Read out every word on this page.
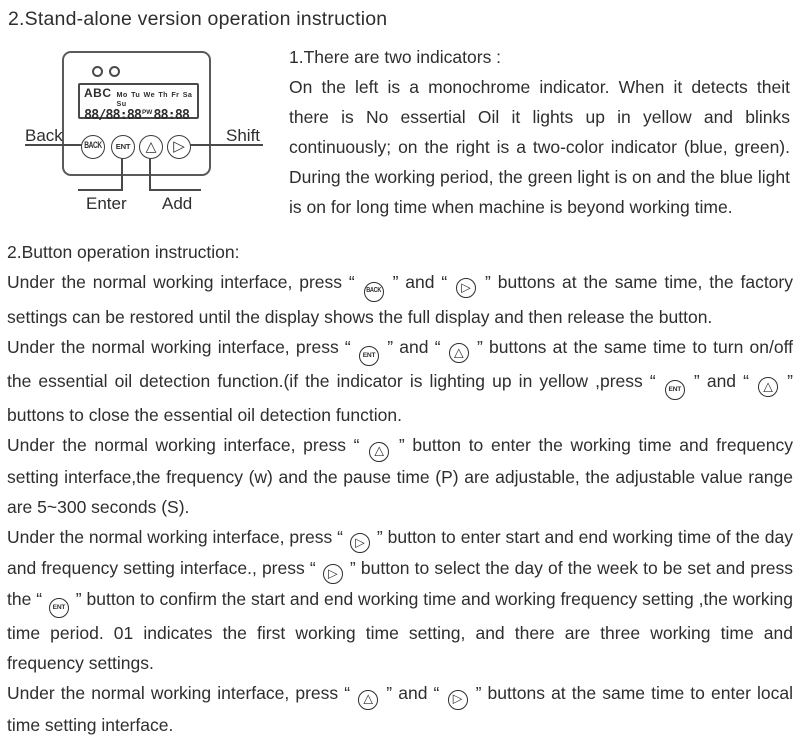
2.Stand-alone version operation instruction
ABC Mo Tu We Th Fr Sa Su
88/88:88 PW
→ 88:88
BACK ENT △ ▷
Back	Shift
Enter Add
1.There are two indicators :
On the left is a monochrome indicator. When it detects theit there is No essertial Oil it lights up in yellow and blinks continuously; on the right is a two-color indicator (blue, green). During the working period, the green light is on and the blue light is on for long time when machine is beyond working time.
2.Button operation instruction:

Under the normal working interface, press “ BACK ” and “ ▷ ” buttons at the same time, the factory settings can be restored until the display shows the full display and then release the button.

Under the normal working interface, press “ ENT ” and “ △ ” buttons at the same time to turn on/off the essential oil detection function.(if the indicator is lighting up in yellow ,press “ ENT ” and “ △ ” buttons to close the essential oil detection function.

Under the normal working interface, press “ △ ” button to enter the working time and frequency setting interface,the frequency (w) and the pause time (P) are adjustable, the adjustable value range are 5~300 seconds (S).

Under the normal working interface, press “ ▷ ” button to enter start and end working time of the day and frequency setting interface., press “ ▷ ” button to select the day of the week to be set and press the “ ENT ” button to confirm the start and end working time and working frequency setting ,the working time period. 01 indicates the first working time setting, and there are three working time and frequency settings.

Under the normal working interface, press “ △ ” and “ ▷ ” buttons at the same time to enter local time setting interface.
